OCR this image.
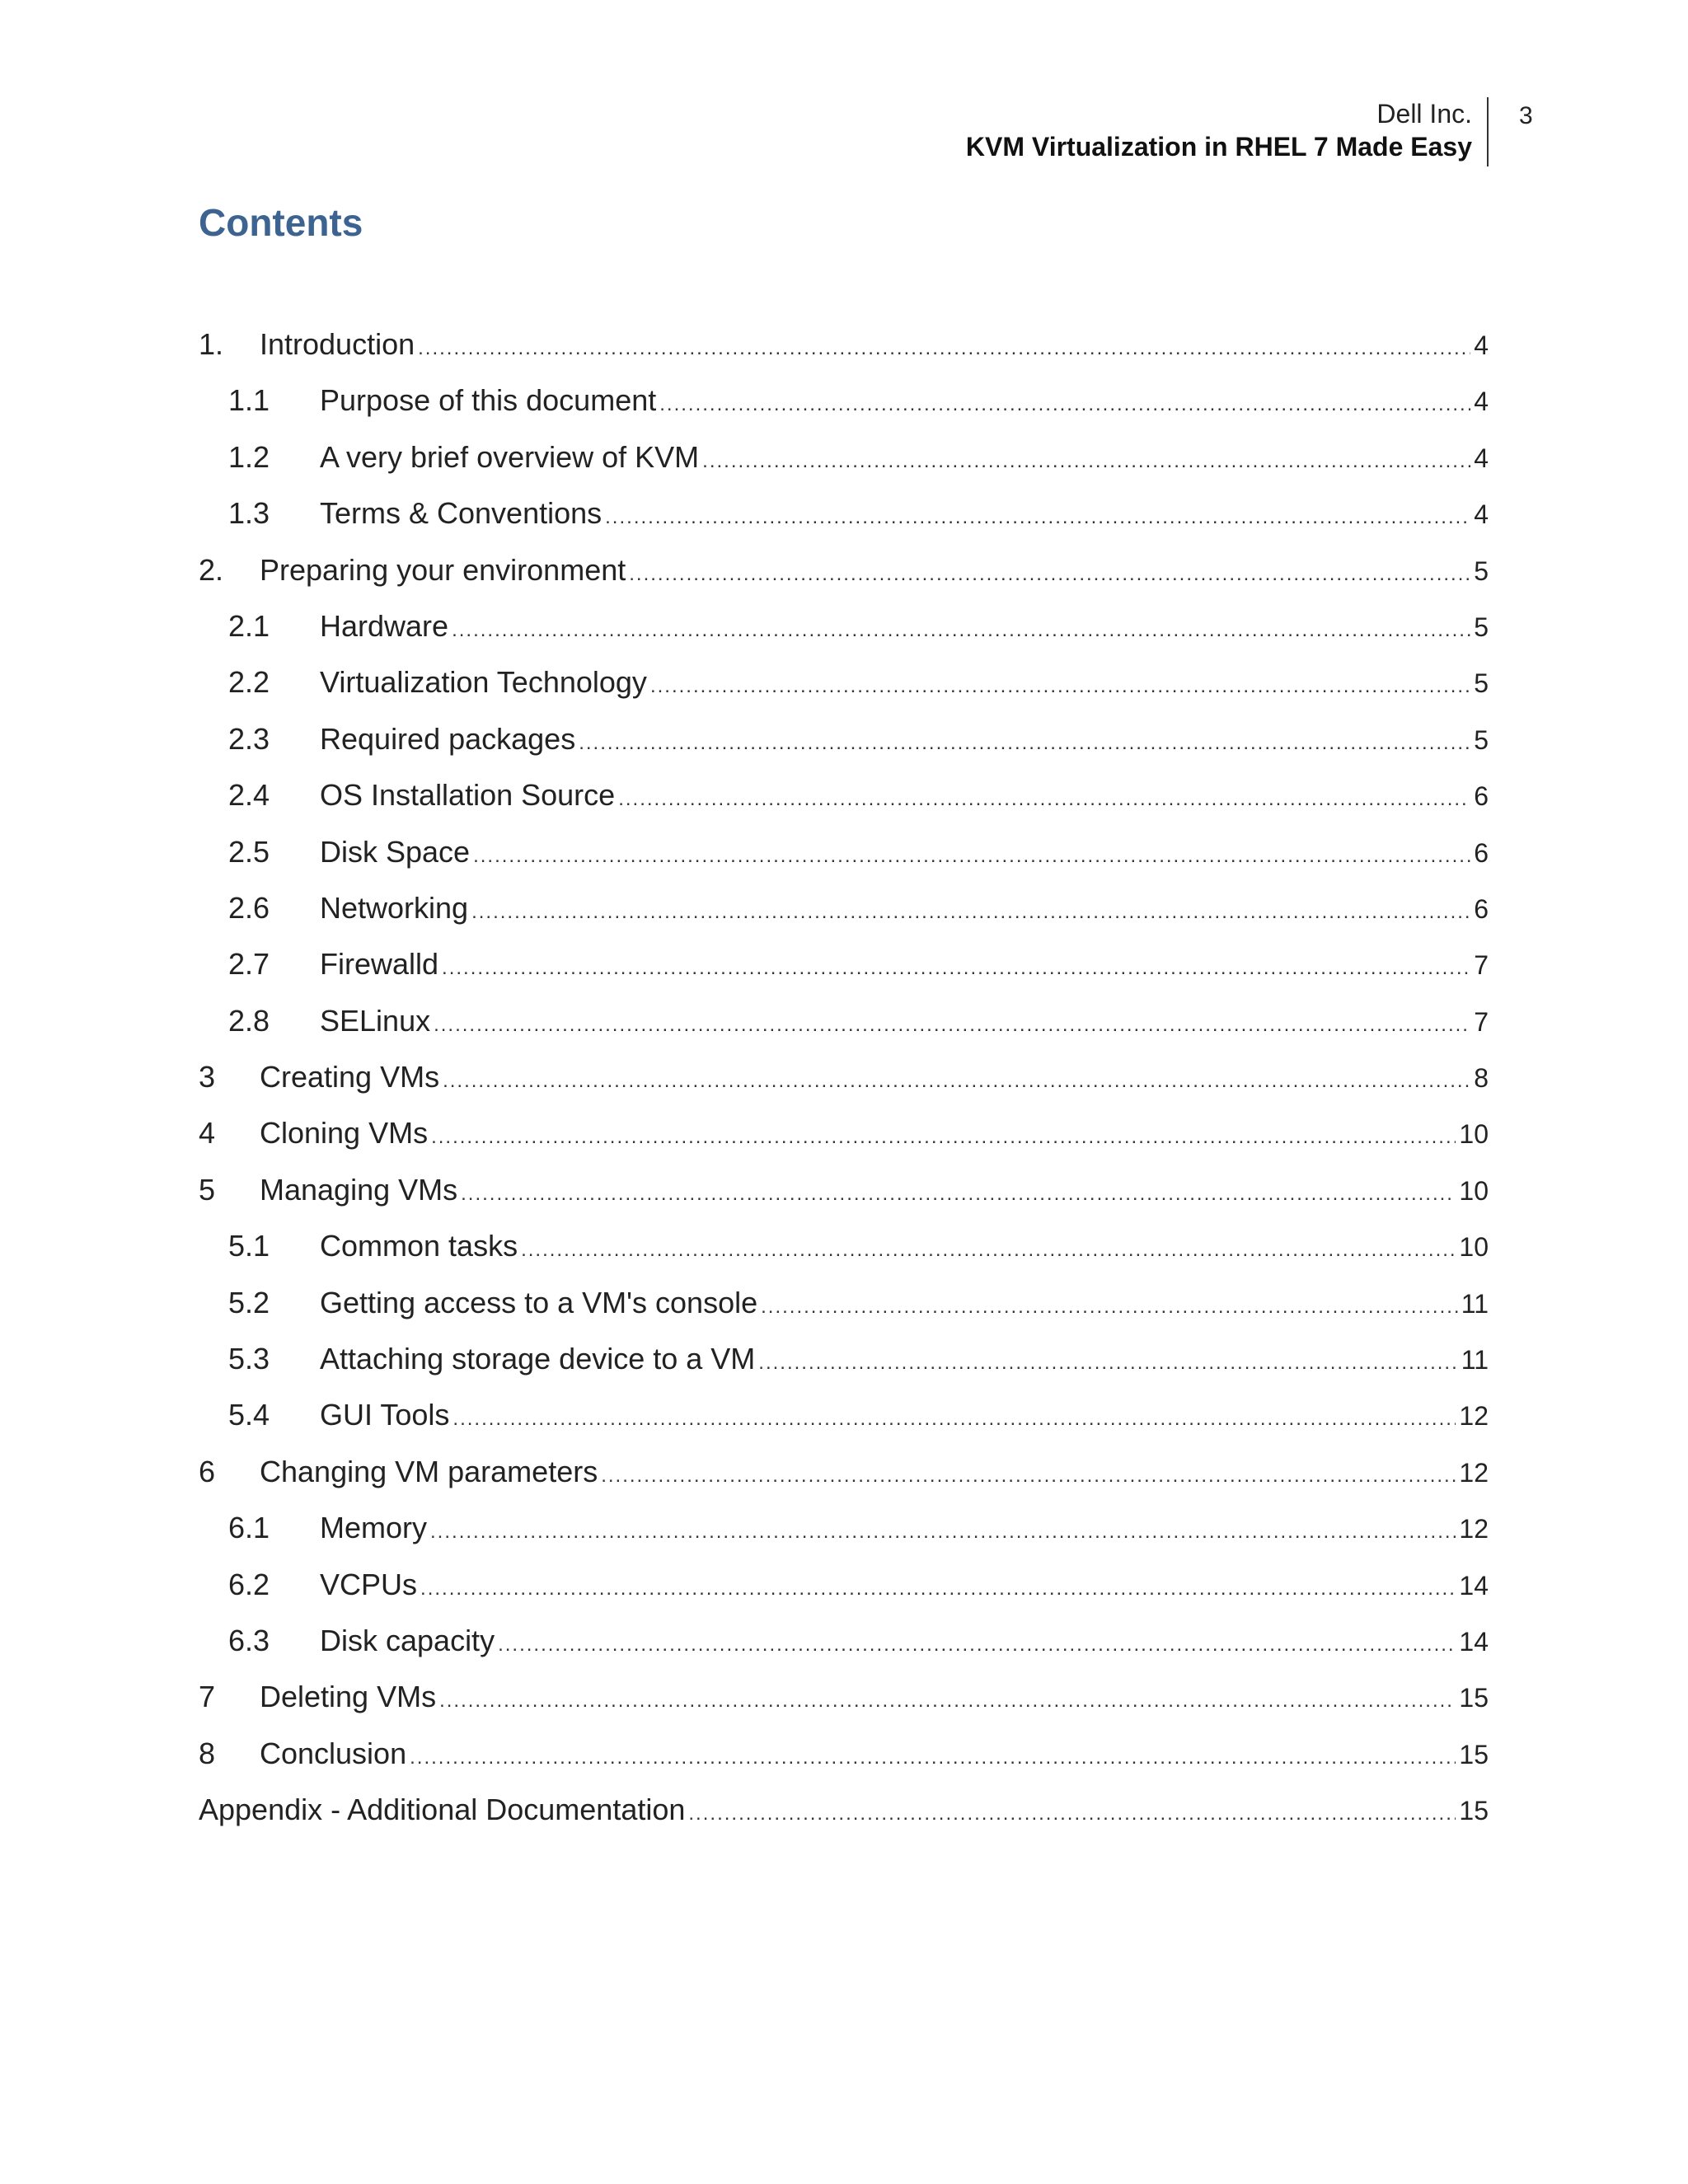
Dell Inc.
KVM Virtualization in RHEL 7 Made Easy
3
Contents
1.	Introduction .....	4
1.1	Purpose of this document .....	4
1.2	A very brief overview of KVM .....	4
1.3	Terms & Conventions .....	4
2.	Preparing your environment .....	5
2.1	Hardware .....	5
2.2	Virtualization Technology .....	5
2.3	Required packages .....	5
2.4	OS Installation Source .....	6
2.5	Disk Space .....	6
2.6	Networking .....	6
2.7	Firewalld .....	7
2.8	SELinux .....	7
3	Creating VMs .....	8
4	Cloning VMs .....	10
5	Managing VMs .....	10
5.1	Common tasks .....	10
5.2	Getting access to a VM's console .....	11
5.3	Attaching storage device to a VM .....	11
5.4	GUI Tools .....	12
6	Changing VM parameters .....	12
6.1	Memory .....	12
6.2	VCPUs .....	14
6.3	Disk capacity .....	14
7	Deleting VMs .....	15
8	Conclusion .....	15
Appendix - Additional Documentation .....	15
